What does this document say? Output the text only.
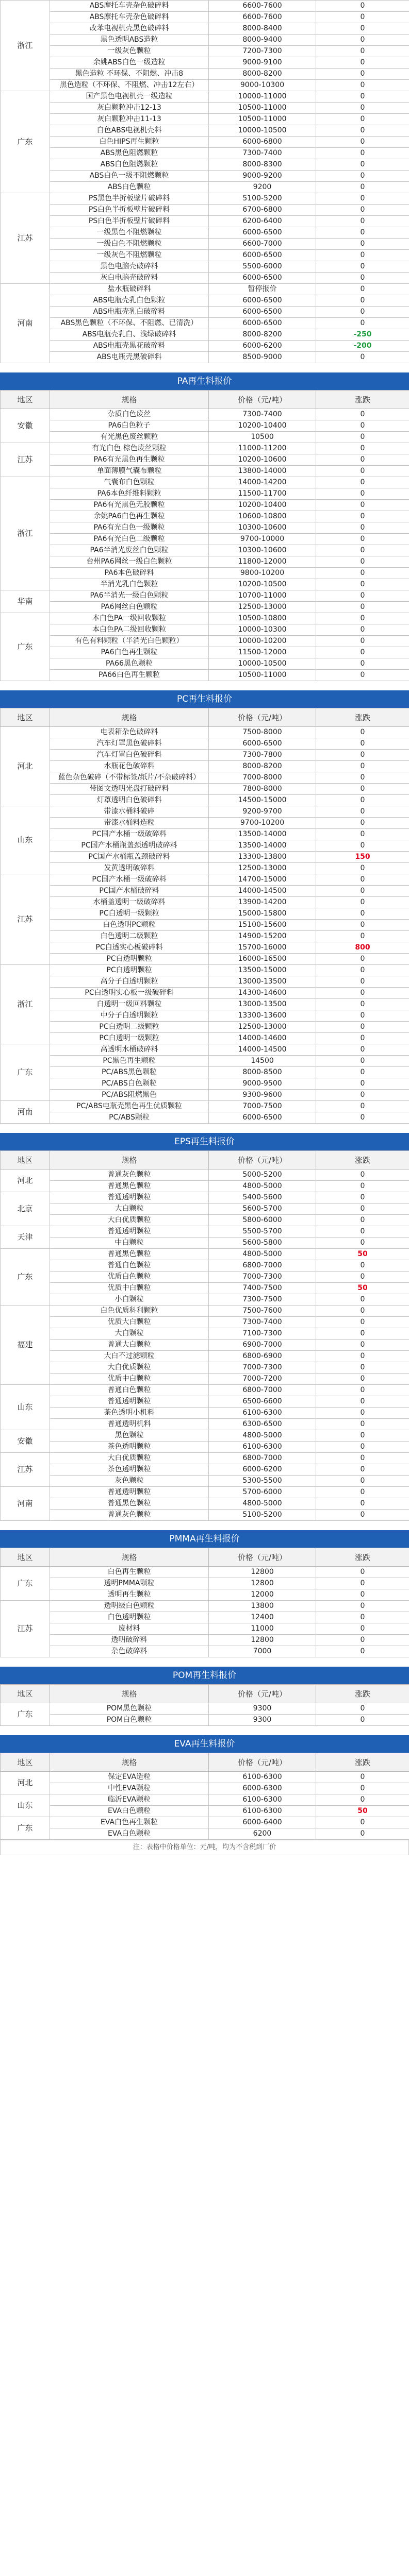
浙江	ABS摩托车壳杂色破碎料	6600-7600	0
	ABS摩托车壳杂色破碎料	6600-7600	0
	改苯电视机壳黑色破碎料	8000-8400	0
	黑色透明ABS造粒	8000-9400	0
	一级灰色颗粒	7200-7300	0
	余姚ABS白色一级造粒	9000-9100	0
	黑色造粒 不环保、不阻燃、冲击8	8000-8200	0
	黑色造粒（不环保、不阻燃、冲击12左右）	9000-10300	0
广东	国产黑色电视机壳一级造粒	10000-11000	0
	灰白颗粒冲击12-13	10500-11000	0
	灰白颗粒冲击11-13	10500-11000	0
	白色ABS电视机壳料	10000-10500	0
	白色HIPS再生颗粒	6000-6800	0
	ABS黑色阻燃颗粒	7300-7400	0
	ABS白色阻燃颗粒	8000-8300	0
	ABS白色一级不阻燃颗粒	9000-9200	0
	ABS白色颗粒	9200	0
江苏	PS黑色半折板壁片破碎料	5100-5200	0
	PS白色半折板壁片破碎料	6700-6800	0
	PS白色半折板壁片破碎料	6200-6400	0
	一级黑色不阻燃颗粒	6000-6500	0
	一级白色不阻燃颗粒	6600-7000	0
	一级灰色不阻燃颗粒	6000-6500	0
	黑色电脑壳破碎料	5500-6000	0
	灰白电脑壳破碎料	6000-6500	0
河南	盐水瓶破碎料	暂停报价	0
	ABS电瓶壳乳白色颗粒	6000-6500	0
	ABS电瓶壳乳白破碎料	6000-6500	0
	ABS黑色颗粒（不环保、不阻燃、已清洗）	6000-6500	0
	ABS电瓶壳乳白、浅绿破碎料	8000-8200	-250
	ABS电瓶壳黑花破碎料	6000-6200	-200
	ABS电瓶壳黑破碎料	8500-9000	0
PA再生料报价
地区	规格	价格（元/吨）	涨跌
安徽	杂质白色废丝	7300-7400	0
	PA6白色粒子	10200-10400	0
	有光黑色废丝颗粒	10500	0
江苏	有光白色 棕色废丝颗粒	11000-11200	0
	PA6有光黑色再生颗粒	10200-10600	0
	单面薄膜气囊布颗粒	13800-14000	0
浙江	气囊布白色颗粒	14000-14200	0
	PA6本色纤维料颗粒	11500-11700	0
	PA6有光黑色无胶颗粒	10200-10400	0
	余姚PA6白色再生颗粒	10600-10800	0
	PA6有光白色一级颗粒	10300-10600	0
	PA6有光白色二级颗粒	9700-10000	0
	PA6半消光废丝白色颗粒	10300-10600	0
	台州PA6网丝一级白色颗粒	11800-12000	0
	PA6本色破碎料	9800-10200	0
	半消光乳白色颗粒	10200-10500	0
华南	PA6半消光一级白色颗粒	10700-11000	0
	PA6网丝白色颗粒	12500-13000	0
广东	本白色PA一级回收颗粒	10500-10800	0
	本白色PA二级回收颗粒	10000-10300	0
	有色有料颗粒（半消光白色颗粒）	10000-10200	0
	PA6白色再生颗粒	11500-12000	0
	PA66黑色颗粒	10000-10500	0
	PA66白色再生颗粒	10500-11000	0
PC再生料报价
地区	规格	价格（元/吨）	涨跌
河北	电表箱杂色破碎料	7500-8000	0
	汽车灯罩黑色破碎料	6000-6500	0
	汽车灯罩白色破碎料	7300-7800	0
	水瓶花色破碎料	8000-8200	0
	蓝色杂色破碎（不带标签/纸片/不杂破碎料）	7000-8000	0
	带图文透明光盘打破碎料	7800-8000	0
	灯罩透明白色破碎料	14500-15000	0
山东	带漆水桶料破碎	9200-9700	0
	带漆水桶料造粒	9700-10200	0
	PC国产水桶一级破碎料	13500-14000	0
	PC国产水桶瓶盖颈透明破碎料	13500-14000	0
	PC国产水桶瓶盖颈破碎料	13300-13800	150
	发黄透明破碎料	12500-13000	0
江苏	PC国产水桶一级破碎料	14700-15000	0
	PC国产水桶破碎料	14000-14500	0
	水桶盖透明一级破碎料	13900-14200	0
	PC白透明一级颗粒	15000-15800	0
	白色透明PC颗粒	15100-15600	0
	白色透明二级颗粒	14900-15200	0
	PC白透实心板破碎料	15700-16000	800
	PC白透明颗粒	16000-16500	0
浙江	PC白透明颗粒	13500-15000	0
	高分子白透明颗粒	13000-13500	0
	PC白透明实心板一级破碎料	14300-14600	0
	白透明一级回料颗粒	13000-13500	0
	中分子白透明颗粒	13300-13600	0
	PC白透明二级颗粒	12500-13000	0
	PC白透明一级颗粒	14000-14600	0
广东	高透明水桶破碎料	14000-14500	0
	PC黑色再生颗粒	14500	0
	PC/ABS黑色颗粒	8000-8500	0
	PC/ABS白色颗粒	9000-9500	0
	PC/ABS阻燃黑色	9300-9600	0
河南	PC/ABS电瓶壳黑色再生优质颗粒	7000-7500	0
	PC/ABS颗粒	6000-6500	0
EPS再生料报价
地区	规格	价格（元/吨）	涨跌
河北	普通灰色颗粒	5000-5200	0
	普通黑色颗粒	4800-5000	0
北京	普通透明颗粒	5400-5600	0
	大白颗粒	5600-5700	0
	大白优质颗粒	5800-6000	0
天津	普通透明颗粒	5500-5700	0
	中白颗粒	5600-5800	0
广东	普通黑色颗粒	4800-5000	50
	普通白色颗粒	6800-7000	0
	优质白色颗粒	7000-7300	0
	优质中白颗粒	7400-7500	50
	小白颗粒	7300-7500	0
福建	白色优质科利颗粒	7500-7600	0
	优质大白颗粒	7300-7400	0
	大白颗粒	7100-7300	0
	普通大白颗粒	6900-7000	0
	大白不过滤颗粒	6800-6900	0
	大白优质颗粒	7000-7300	0
	优质中白颗粒	7000-7200	0
山东	普通白色颗粒	6800-7000	0
	普通透明颗粒	6500-6600	0
	茶色透明小机料	6100-6300	0
	普通透明机料	6300-6500	0
安徽	黑色颗粒	4800-5000	0
	茶色透明颗粒	6100-6300	0
江苏	大白优质颗粒	6800-7000	0
	茶色透明颗粒	6000-6200	0
	灰色颗粒	5300-5500	0
河南	普通透明颗粒	5700-6000	0
	普通黑色颗粒	4800-5000	0
	普通灰色颗粒	5100-5200	0
PMMA再生料报价
地区	规格	价格（元/吨）	涨跌
广东	白色再生颗粒	12800	0
	透明PMMA颗粒	12800	0
	透明再生颗粒	12000	0
江苏	透明级白色颗粒	13800	0
	白色透明颗粒	12400	0
	废材料	11000	0
	透明破碎料	12800	0
	杂色破碎料	7000	0
POM再生料报价
地区	规格	价格（元/吨）	涨跌
广东	POM黑色颗粒	9300	0
	POM白色颗粒	9300	0
EVA再生料报价
地区	规格	价格（元/吨）	涨跌
河北	保定EVA造粒	6100-6300	0
	中性EVA颗粒	6000-6300	0
山东	临沂EVA颗粒	6100-6300	0
	EVA白色颗粒	6100-6300	50
广东	EVA白色再生颗粒	6000-6400	0
	EVA白色颗粒	6200	0
注：表格中价格单位：元/吨，均为不含税到厂价
